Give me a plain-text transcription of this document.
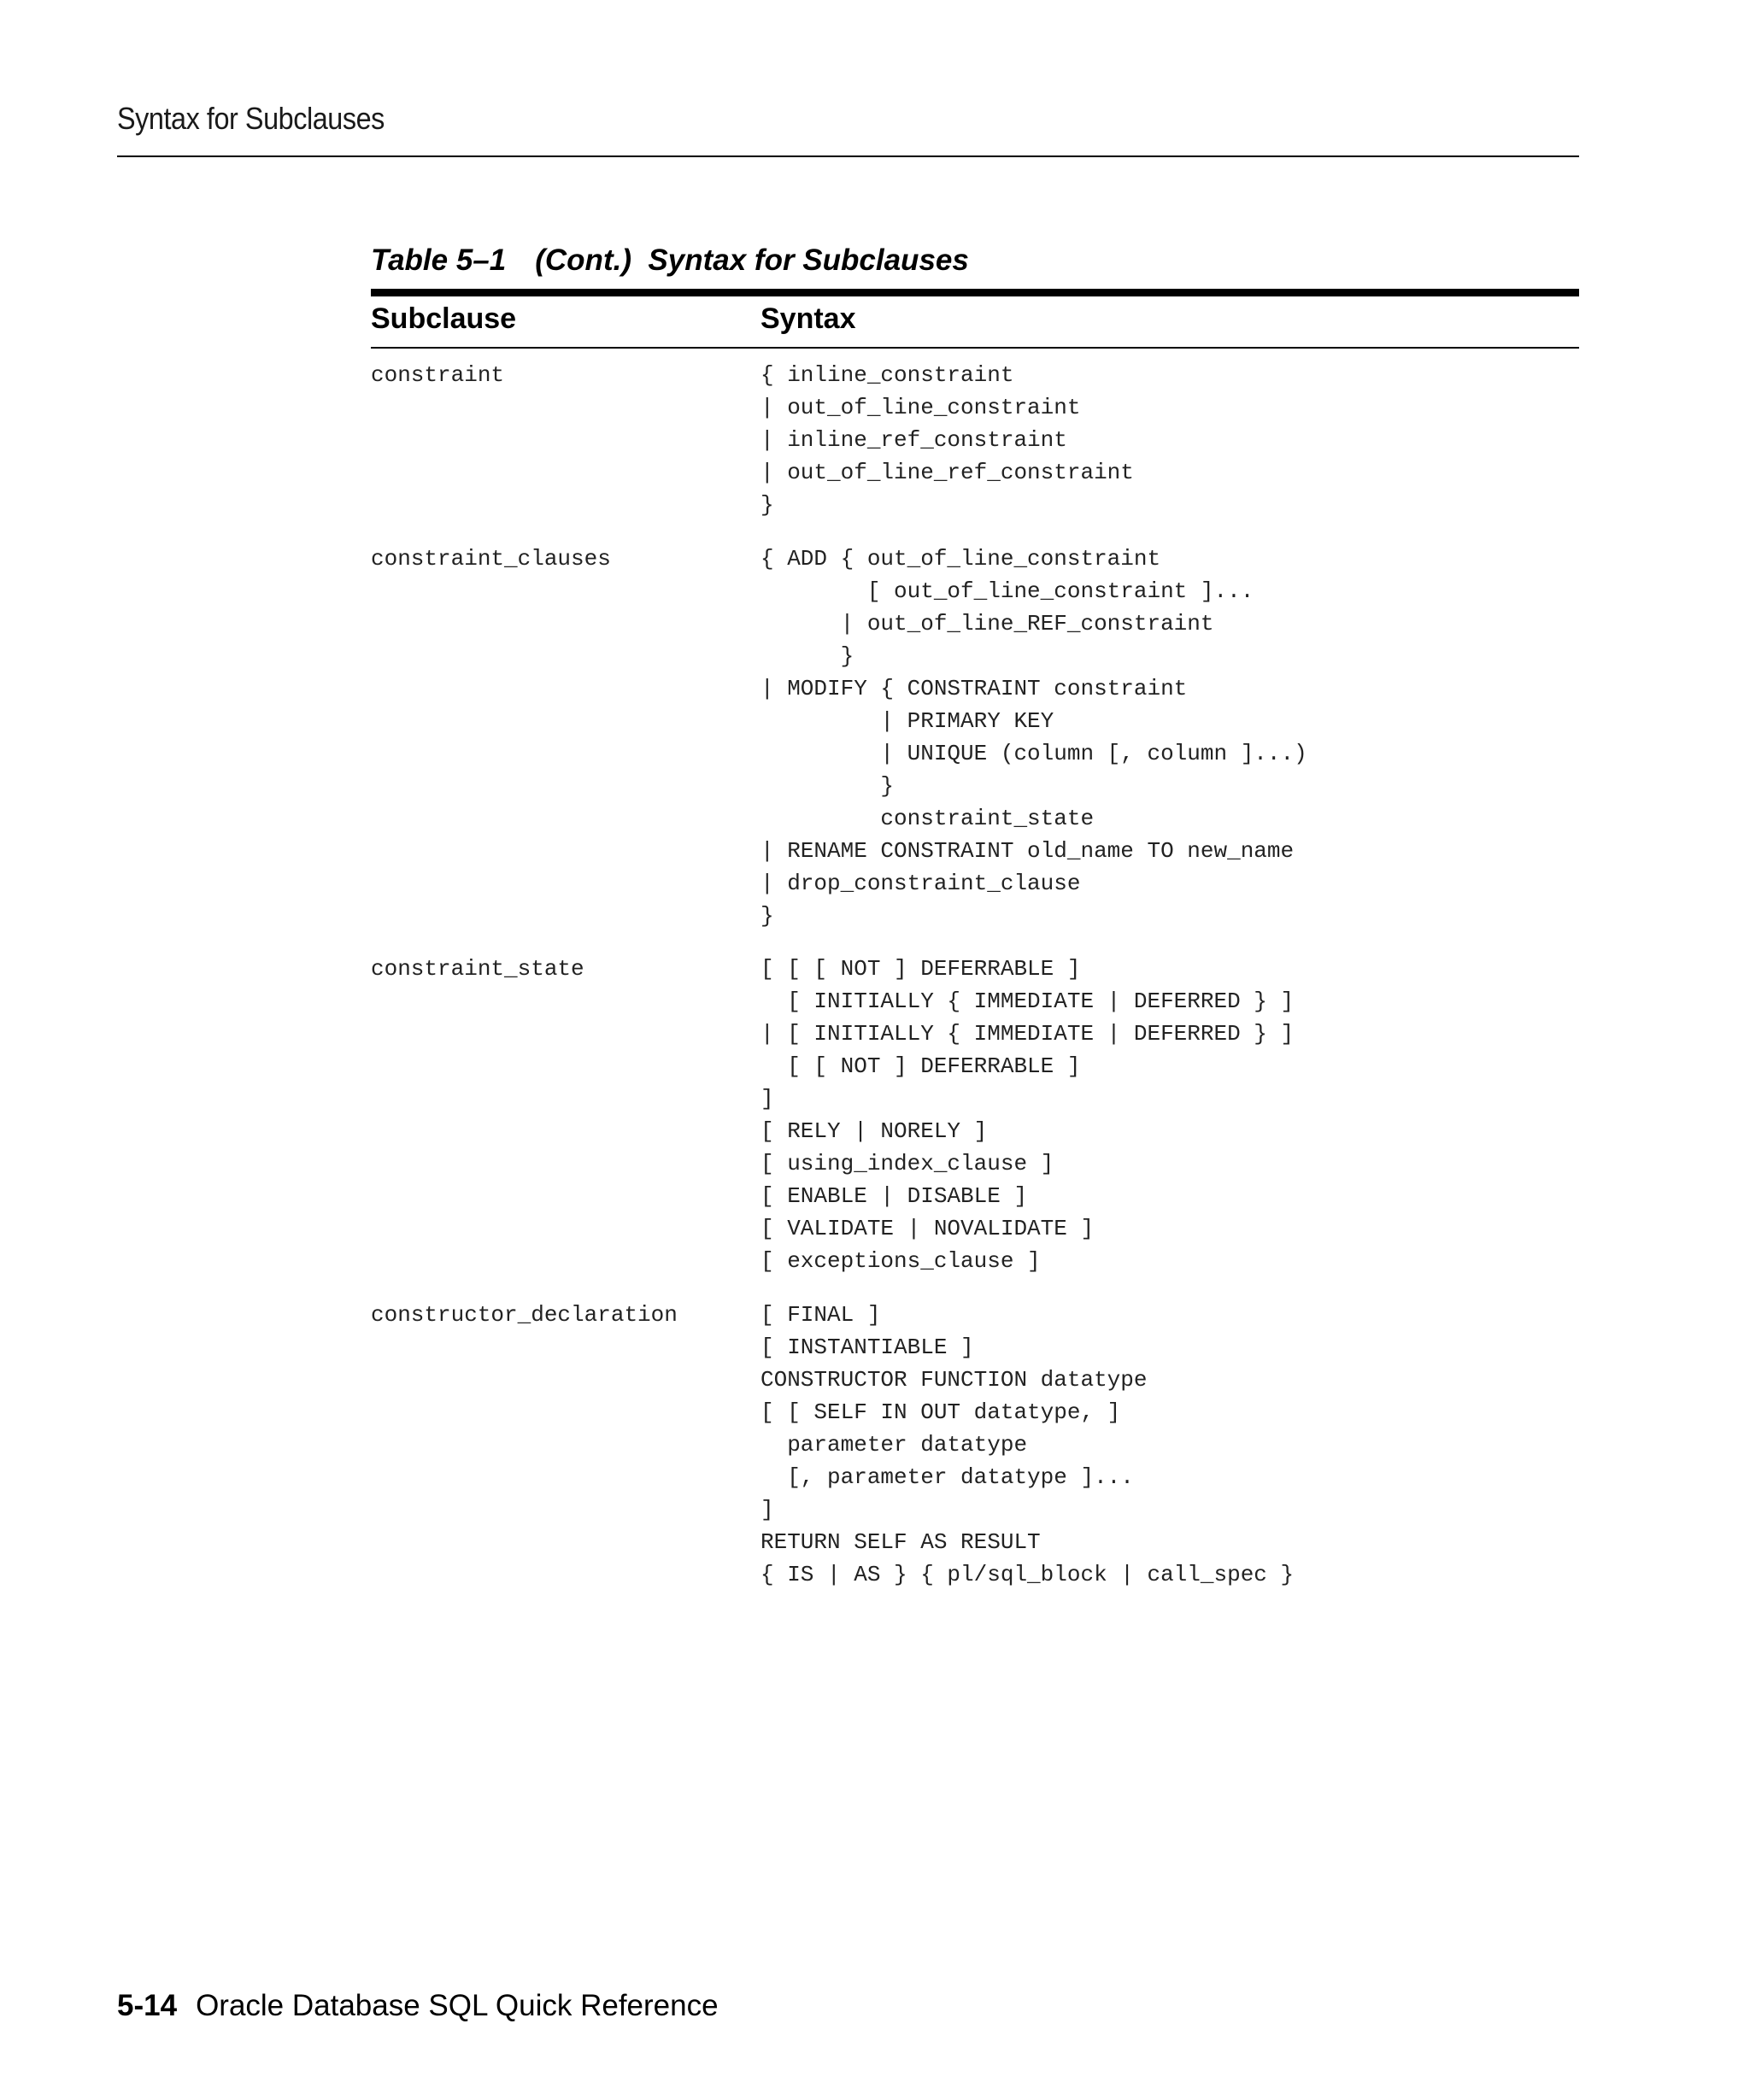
Syntax for Subclauses
Table 5–1 (Cont.)  Syntax for Subclauses
Subclause	Syntax
constraint	{ inline_constraint
| out_of_line_constraint
| inline_ref_constraint
| out_of_line_ref_constraint
}
constraint_clauses	{ ADD { out_of_line_constraint
[ out_of_line_constraint ]...
| out_of_line_REF_constraint
}
| MODIFY { CONSTRAINT constraint
| PRIMARY KEY
| UNIQUE (column [, column ]...)
}
constraint_state
| RENAME CONSTRAINT old_name TO new_name
| drop_constraint_clause
}
constraint_state	[ [ [ NOT ] DEFERRABLE ]
[ INITIALLY { IMMEDIATE | DEFERRED } ]
| [ INITIALLY { IMMEDIATE | DEFERRED } ]
[ [ NOT ] DEFERRABLE ]
]
[ RELY | NORELY ]
[ using_index_clause ]
[ ENABLE | DISABLE ]
[ VALIDATE | NOVALIDATE ]
[ exceptions_clause ]
constructor_declaration	[ FINAL ]
[ INSTANTIABLE ]
CONSTRUCTOR FUNCTION datatype
[ [ SELF IN OUT datatype, ]
parameter datatype
[, parameter datatype ]...
]
RETURN SELF AS RESULT
{ IS | AS } { pl/sql_block | call_spec }
5-14 Oracle Database SQL Quick Reference
